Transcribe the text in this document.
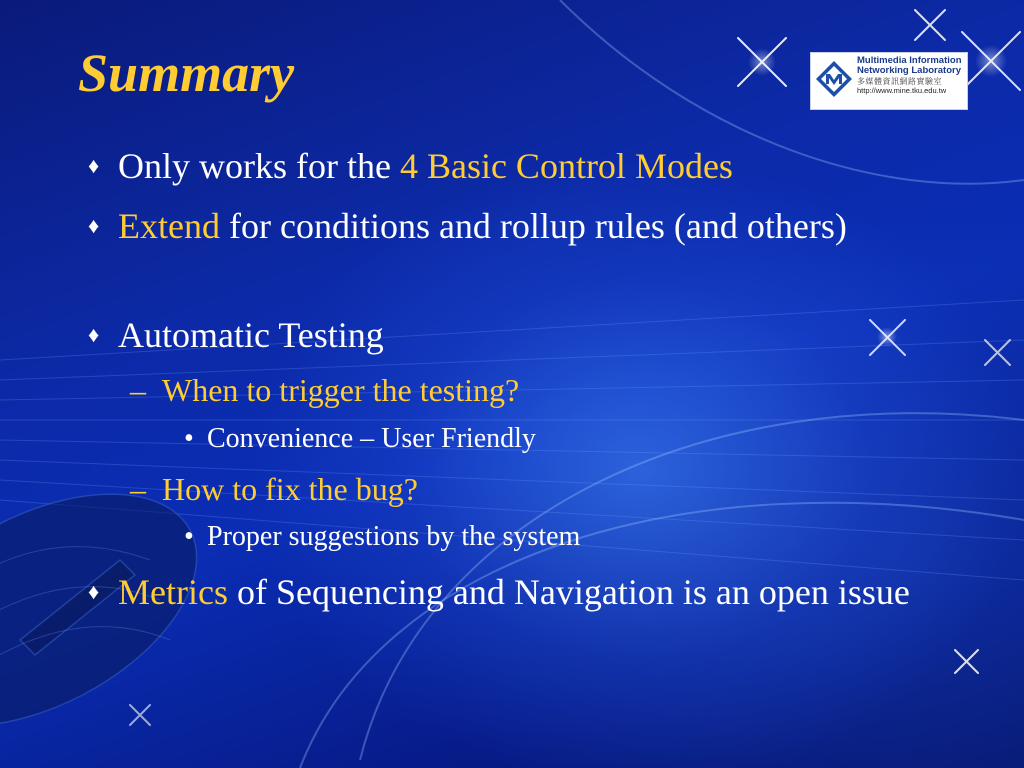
Summary	Multimedia Information
Networking Laboratory
多媒體資訊網路實驗室
http://www.mine.tku.edu.tw
♦ Only works for the 4 Basic Control Modes
♦ Extend for conditions and rollup rules (and others)
♦ Automatic Testing
– When to trigger the testing?
• Convenience – User Friendly
– How to fix the bug?
• Proper suggestions by the system
♦ Metrics of Sequencing and Navigation is an open issue
